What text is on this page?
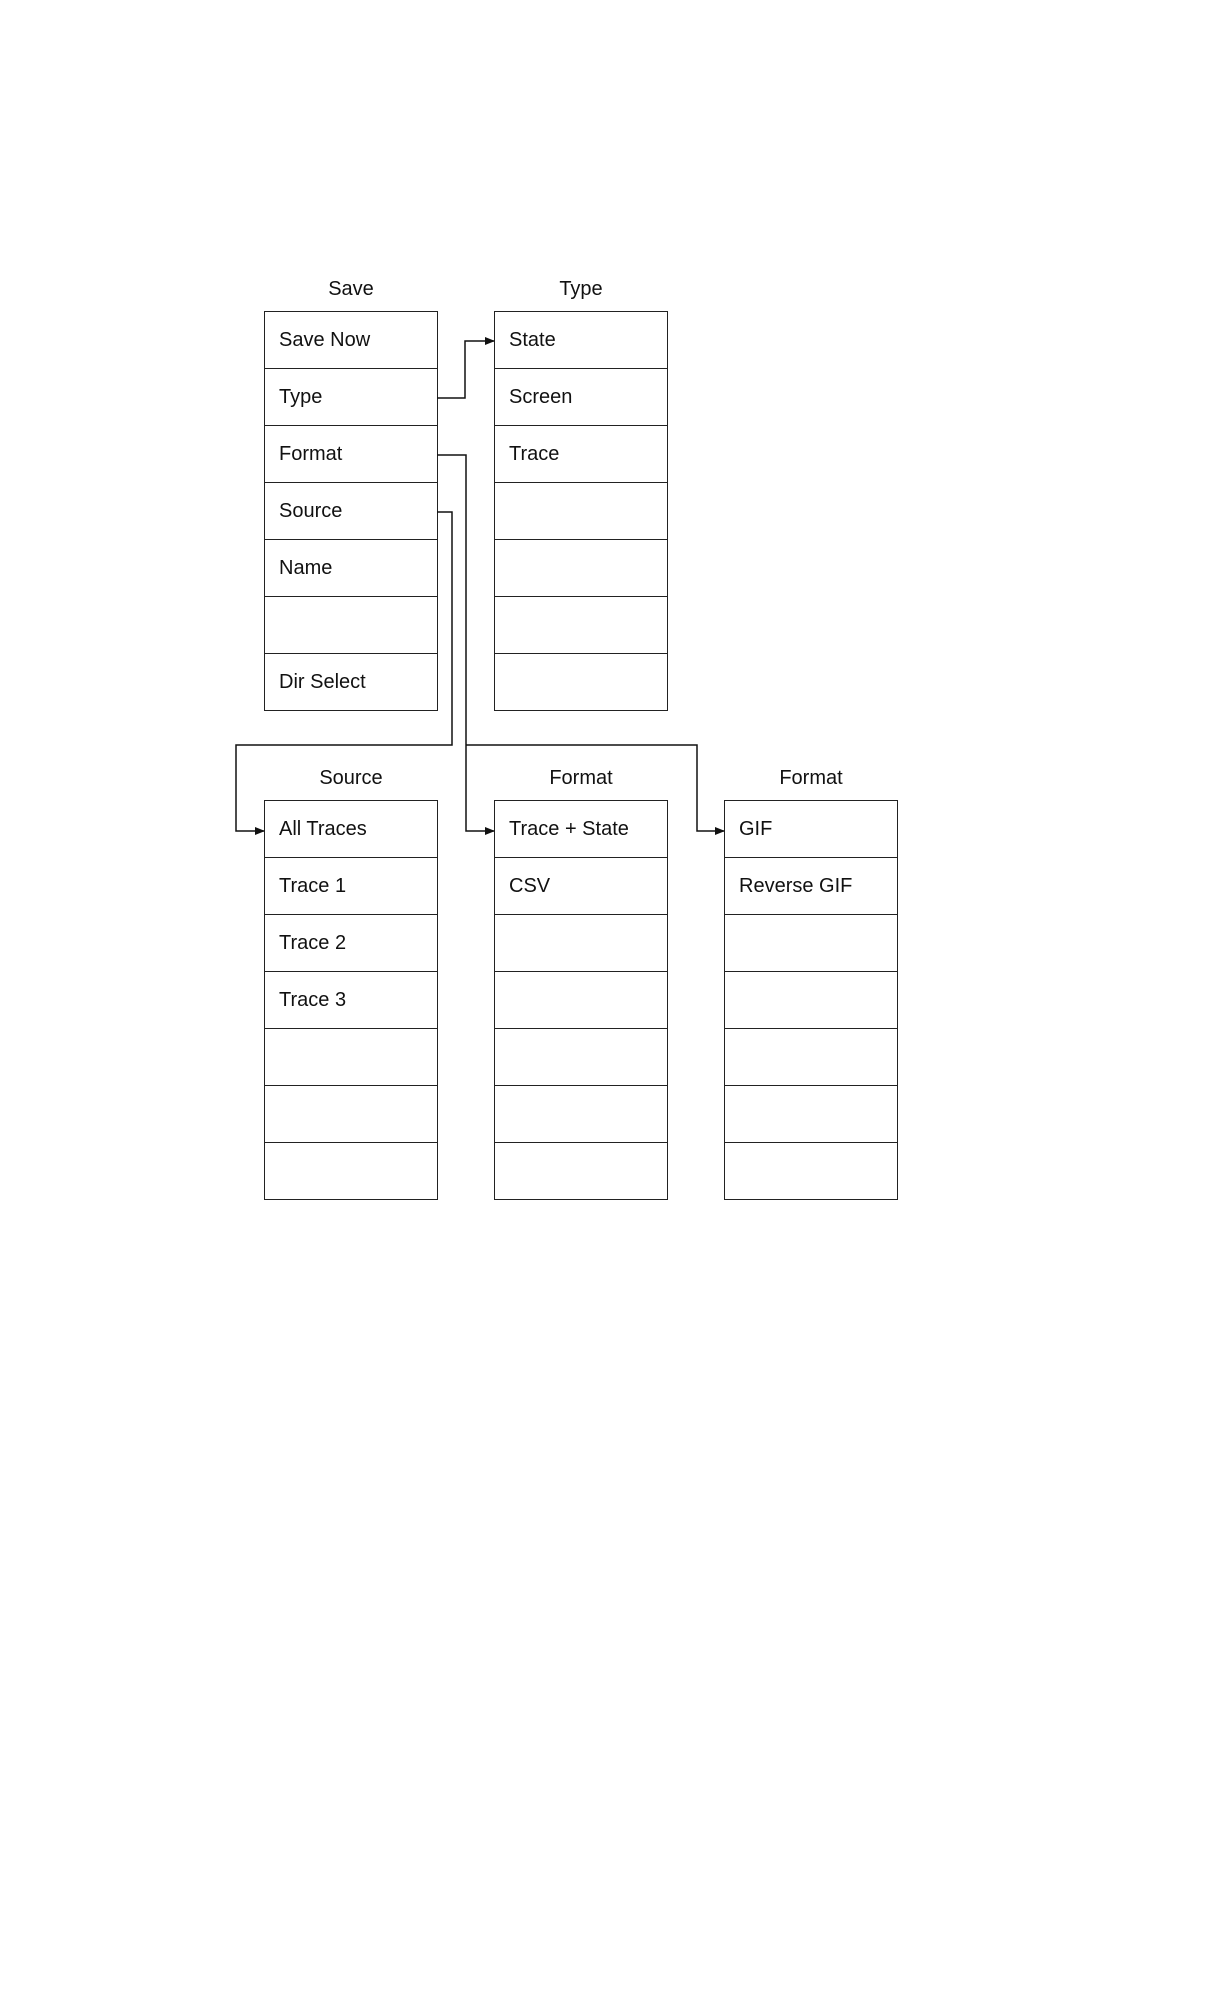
Save
Save Now
Type
Format
Source
Name
Dir Select
Type
State
Screen
Trace
Source
All Traces
Trace 1
Trace 2
Trace 3
Format
Trace + State
CSV
Format
GIF
Reverse GIF
